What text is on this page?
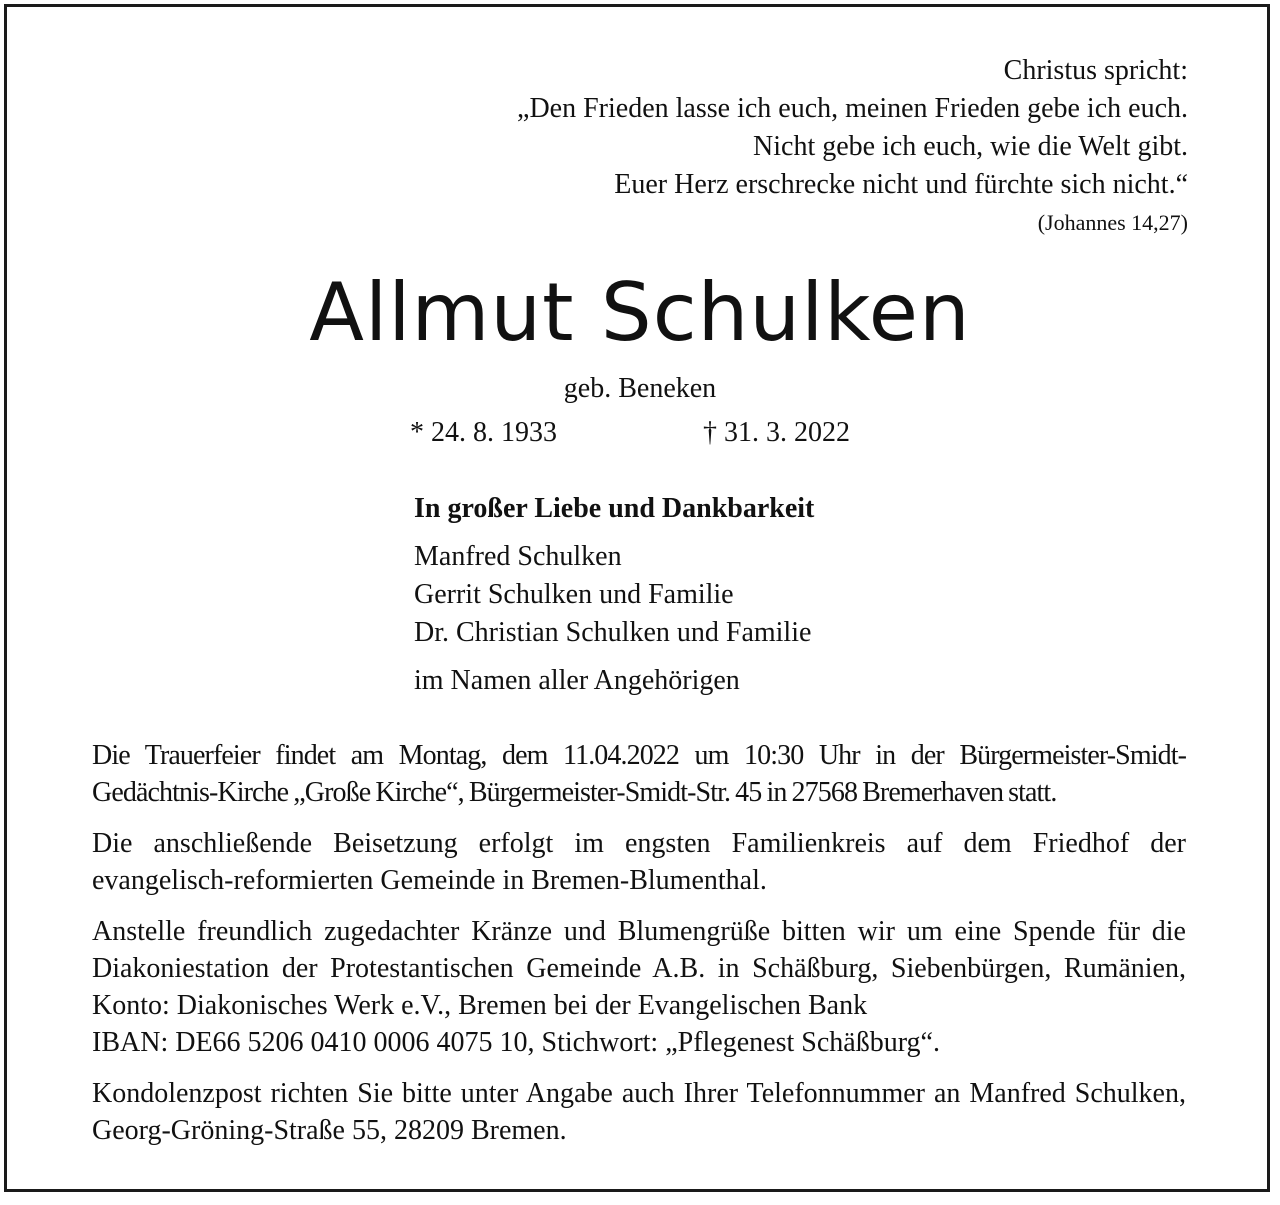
Christus spricht:
„Den Frieden lasse ich euch, meinen Frieden gebe ich euch.
Nicht gebe ich euch, wie die Welt gibt.
Euer Herz erschrecke nicht und fürchte sich nicht.“
(Johannes 14,27)
Allmut Schulken
geb. Beneken
* 24. 8. 1933	† 31. 3. 2022
In großer Liebe und Dankbarkeit
Manfred Schulken
Gerrit Schulken und Familie
Dr. Christian Schulken und Familie
im Namen aller Angehörigen

Die Trauerfeier findet am Montag, dem 11.04.2022 um 10:30 Uhr in der Bürgermeister-Smidt-Gedächtnis-Kirche „Große Kirche“, Bürgermeister-Smidt-Str. 45 in 27568 Bremerhaven statt.

Die anschließende Beisetzung erfolgt im engsten Familienkreis auf dem Friedhof der evangelisch-reformierten Gemeinde in Bremen-Blumenthal.

Anstelle freundlich zugedachter Kränze und Blumengrüße bitten wir um eine Spende für die Diakoniestation der Protestantischen Gemeinde A.B. in Schäßburg, Siebenbürgen, Rumänien, Konto: Diakonisches Werk e.V., Bremen bei der Evangelischen Bank

IBAN: DE66 5206 0410 0006 4075 10, Stichwort: „Pflegenest Schäßburg“.

Kondolenzpost richten Sie bitte unter Angabe auch Ihrer Telefonnummer an Manfred Schulken, Georg-Gröning-Straße 55, 28209 Bremen.
